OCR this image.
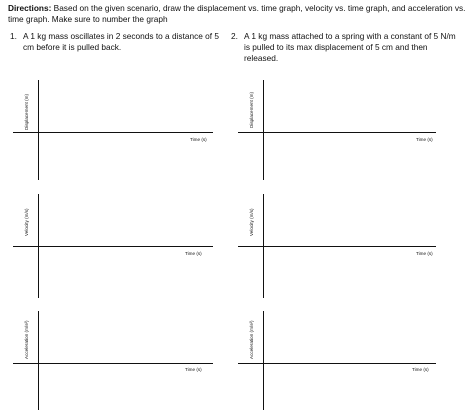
Directions: Based on the given scenario, draw the displacement vs. time graph, velocity vs. time graph, and acceleration vs. time graph. Make sure to number the graph
1. A 1 kg mass oscillates in 2 seconds to a distance of 5 cm before it is pulled back.
2. A 1 kg mass attached to a spring with a constant of 5 N/m is pulled to its max displacement of 5 cm and then released.
Displacement (m)
Time (s)
Velocity (m/s)
Time (s)
Acceleration (m/s²)
Time (s)
Displacement (m)
Time (s)
Velocity (m/s)
Time (s)
Acceleration (m/s²)
Time (s)
